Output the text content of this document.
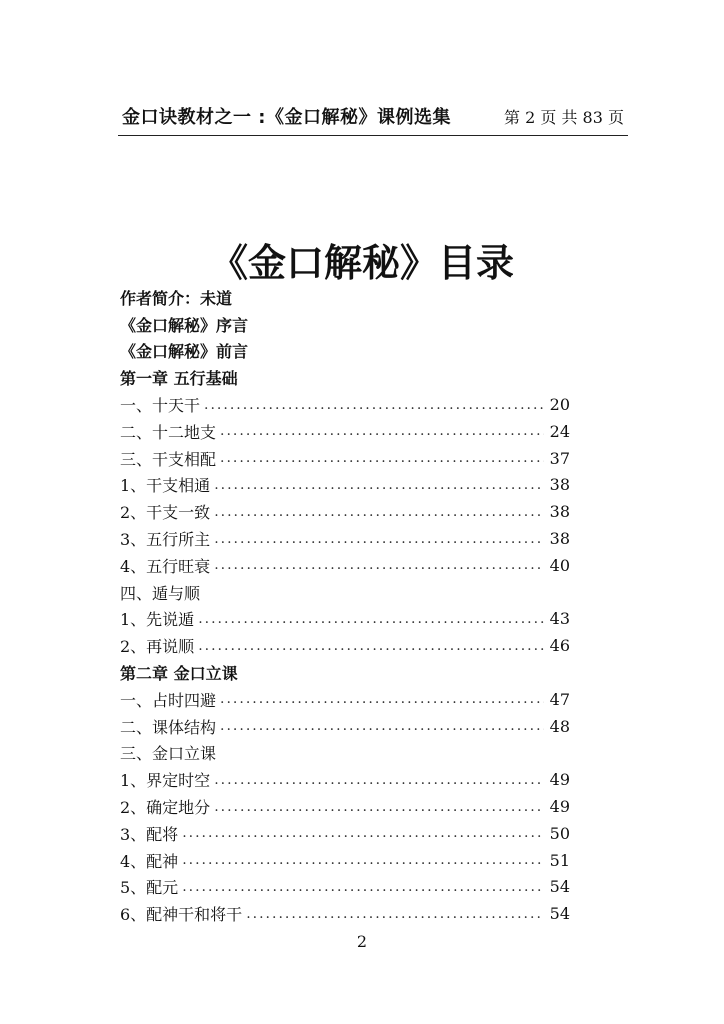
金口诀教材之一 :《金口解秘》课例选集	第 2 页 共 83 页
《金口解秘》目录
作者简介：未道
《金口解秘》序言
《金口解秘》前言
第一章 五行基础
一、十天干 .....	20
二、十二地支 .....	24
三、干支相配 .....	37
1、干支相通 .....	38
2、干支一致 .....	38
3、五行所主 .....	38
4、五行旺衰 .....	40
四、遁与顺
1、先说遁 .....	43
2、再说顺 .....	46
第二章 金口立课
一、占时四避 .....	47
二、课体结构 .....	48
三、金口立课
1、界定时空 .....	49
2、确定地分 .....	49
3、配将 .....	50
4、配神 .....	51
5、配元 .....	54
6、配神干和将干 .....	54
2
